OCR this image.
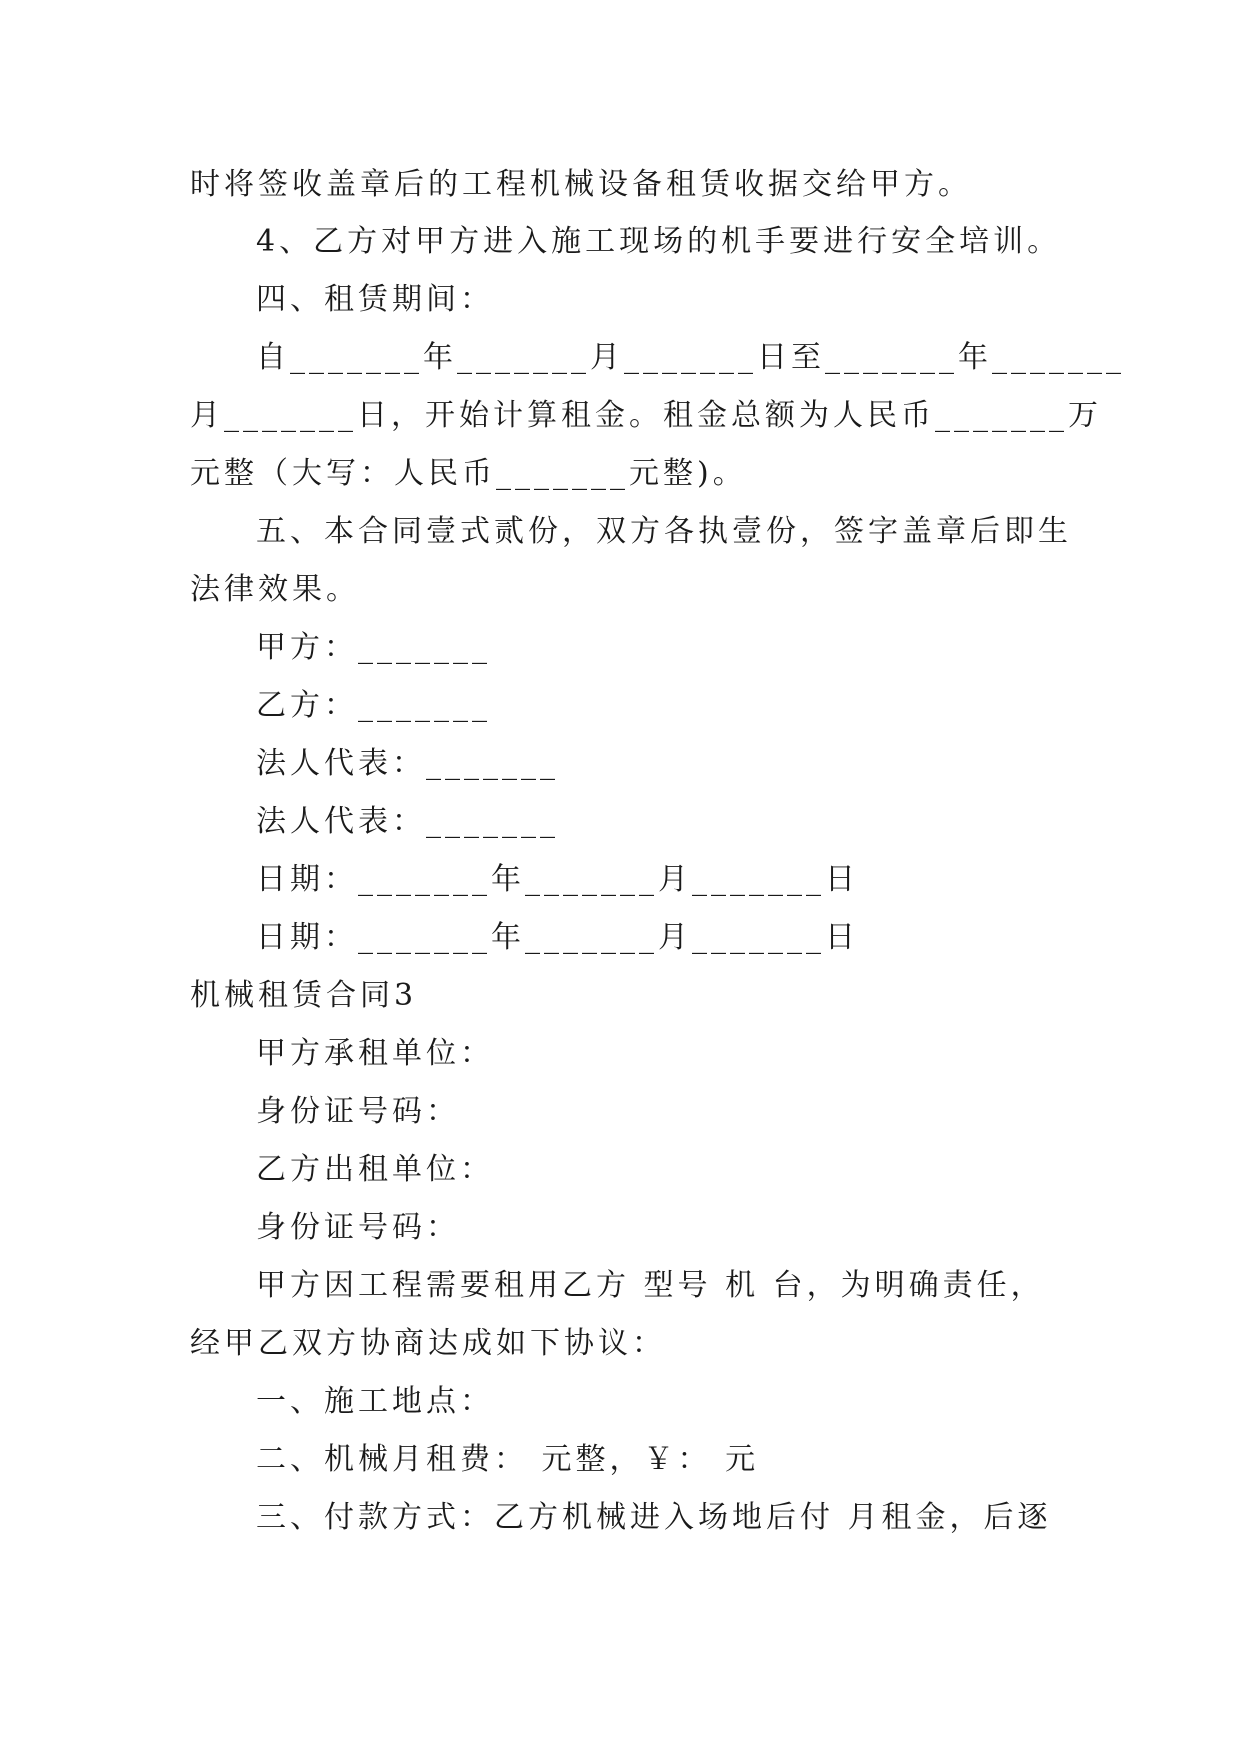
时将签收盖章后的工程机械设备租赁收据交给甲方。
4、乙方对甲方进入施工现场的机手要进行安全培训。
四、租赁期间：
自_______年_______月_______日至_______年_______
月_______日，开始计算租金。租金总额为人民币_______万
元整（大写：人民币_______元整)。
五、本合同壹式贰份，双方各执壹份，签字盖章后即生
法律效果。
甲方：_______
乙方：_______
法人代表：_______
法人代表：_______
日期：_______年_______月_______日
日期：_______年_______月_______日
机械租赁合同3
甲方承租单位：
身份证号码：
乙方出租单位：
身份证号码：
甲方因工程需要租用乙方 型号 机 台，为明确责任，
经甲乙双方协商达成如下协议：
一、施工地点：
二、机械月租费： 元整，￥： 元
三、付款方式：乙方机械进入场地后付 月租金，后逐
